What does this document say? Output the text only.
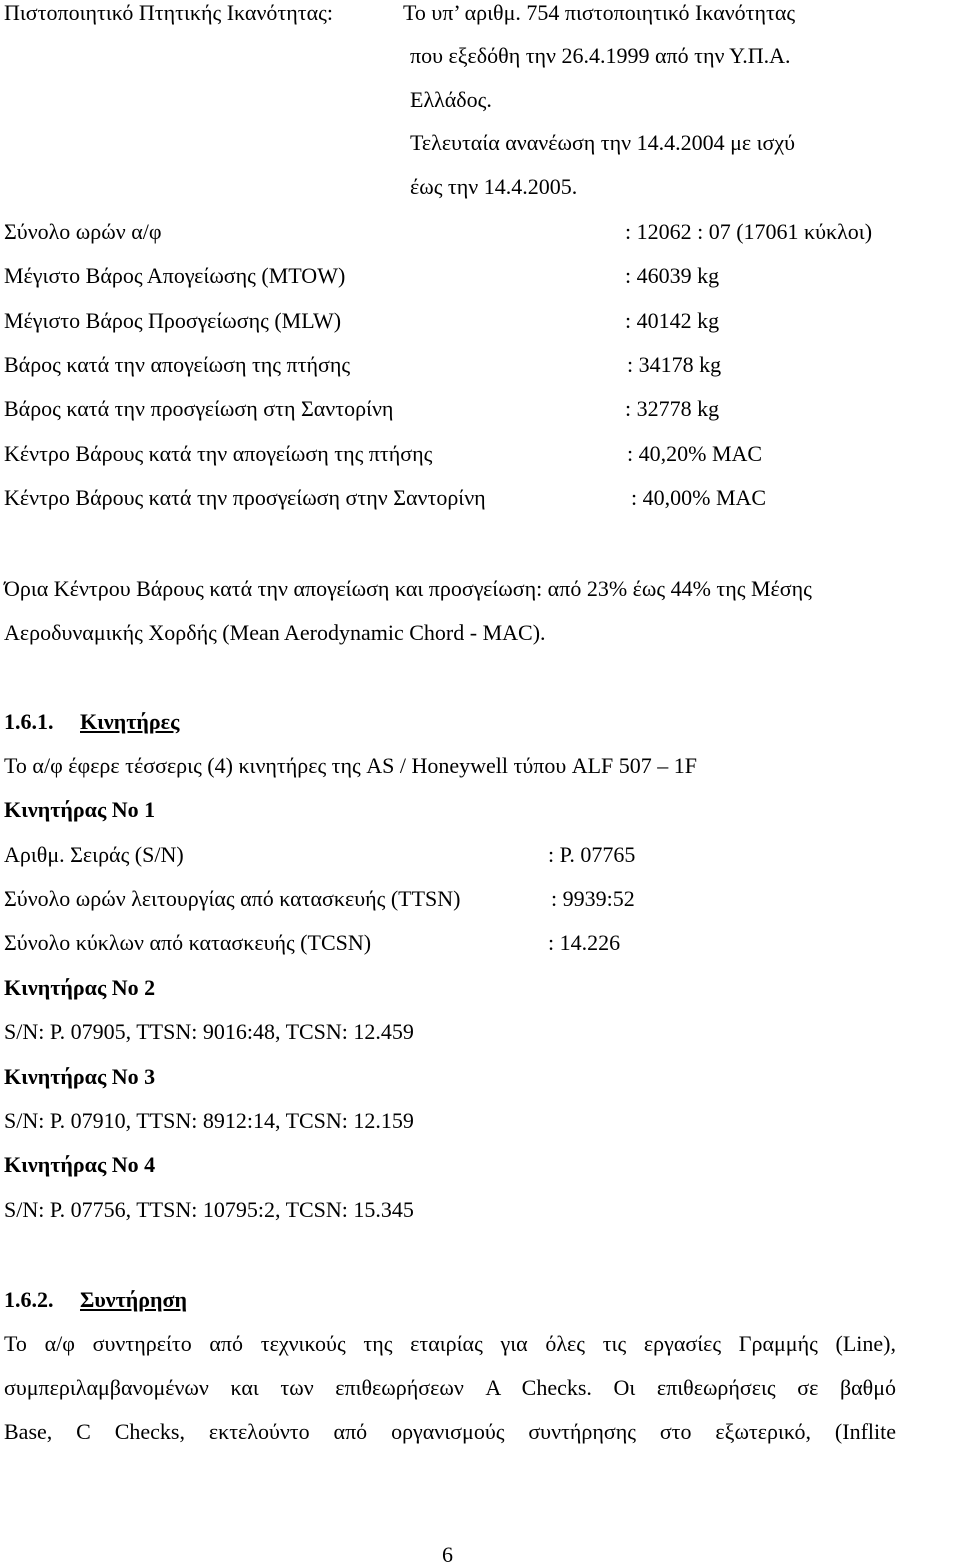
Πιστοποιητικό Πτητικής Ικανότητας:	Το υπ’ αριθμ. 754 πιστοποιητικό Ικανότητας
που εξεδόθη την 26.4.1999 από την Υ.Π.Α.
Ελλάδος.
Τελευταία ανανέωση την 14.4.2004 με ισχύ
έως την 14.4.2005.
Σύνολο ωρών α/φ	: 12062 : 07 (17061 κύκλοι)
Μέγιστο Βάρος Απογείωσης (MTOW)	: 46039 kg
Μέγιστο Βάρος Προσγείωσης (MLW)	: 40142 kg
Βάρος κατά την απογείωση της πτήσης	: 34178 kg
Βάρος κατά την προσγείωση στη Σαντορίνη	: 32778 kg
Κέντρο Βάρους κατά την απογείωση της πτήσης	: 40,20% MAC
Κέντρο Βάρους κατά την προσγείωση στην Σαντορίνη	: 40,00% MAC
Όρια Κέντρου Βάρους κατά την απογείωση και προσγείωση: από 23% έως 44% της Μέσης
Αεροδυναμικής Χορδής (Mean Aerodynamic Chord - MAC).
1.6.1. Κινητήρες
Το α/φ έφερε τέσσερις (4) κινητήρες της AS / Honeywell τύπου ALF 507 – 1F
Κινητήρας Νο 1
Αριθμ. Σειράς (S/N)	: P. 07765
Σύνολο ωρών λειτουργίας από κατασκευής (TTSN)	: 9939:52
Σύνολο κύκλων από κατασκευής (TCSN)	: 14.226
Κινητήρας Νο 2
S/N: P. 07905, TTSN: 9016:48, TCSN: 12.459
Κινητήρας Νο 3
S/N: P. 07910, TTSN: 8912:14, TCSN: 12.159
Κινητήρας Νο 4
S/N: P. 07756, TTSN: 10795:2, TCSN: 15.345
1.6.2. Συντήρηση
Το α/φ συντηρείτο από τεχνικούς της εταιρίας για όλες τις εργασίες Γραμμής (Line),
συμπεριλαμβανομένων και των επιθεωρήσεων A Checks. Οι επιθεωρήσεις σε βαθμό
Base, C Checks, εκτελούντο από οργανισμούς συντήρησης στο εξωτερικό, (Inflite
6
